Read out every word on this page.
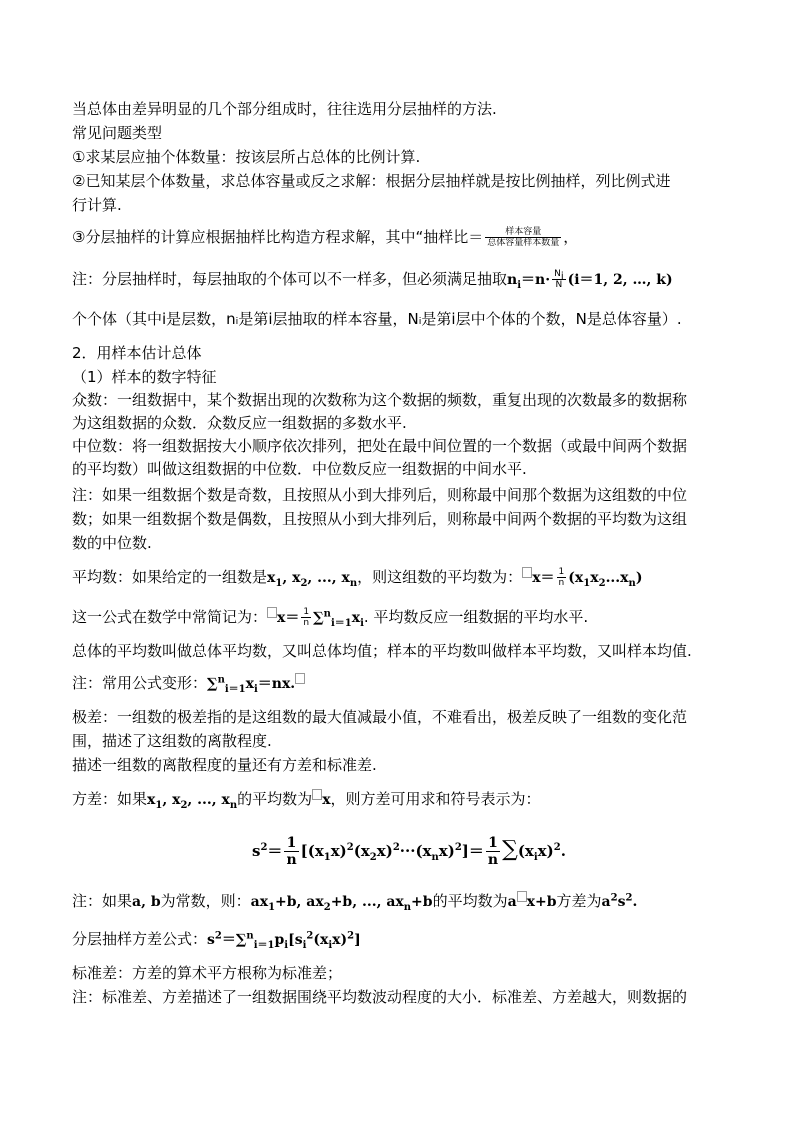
当总体由差异明显的几个部分组成时，往往选用分层抽样的方法.
常见问题类型
①求某层应抽个体数量：按该层所占总体的比例计算.
②已知某层个体数量，求总体容量或反之求解：根据分层抽样就是按比例抽样，列比例式进
行计算.
③分层抽样的计算应根据抽样比构造方程求解，其中“抽样比＝ $\frac{\text{样本容量}}{\text{总体容量样本数量}}$ ，
注：分层抽样时，每层抽取的个体可以不一样多，但必须满足抽取$n_i=n\cdot \frac{N_i}{N} (i=1$, 2, …, k)
个个体（其中i是层数，nᵢ是第i层抽取的样本容量，Nᵢ是第i层中个体的个数，N是总体容量）.
2．用样本估计总体
（1）样本的数字特征
众数：一组数据中，某个数据出现的次数称为这个数据的频数，重复出现的次数最多的数据称
为这组数据的众数．众数反应一组数据的多数水平.
中位数：将一组数据按大小顺序依次排列，把处在最中间位置的一个数据（或最中间两个数据
的平均数）叫做这组数据的中位数．中位数反应一组数据的中间水平.
注：如果一组数据个数是奇数，且按照从小到大排列后，则称最中间那个数据为这组数的中位
数；如果一组数据个数是偶数，且按照从小到大排列后，则称最中间两个数据的平均数为这组
数的中位数.
平均数：如果给定的一组数是$x_1$, $x_2$, ..., $x_n$，则这组数的平均数为： $x= \frac{1}{n} (x_1x_2...x_n)$
这一公式在数学中常简记为： $x= \frac{1}{n} \sum^n_{i=1}x_i$. 平均数反应一组数据的平均水平.
总体的平均数叫做总体平均数，又叫总体均值；样本的平均数叫做样本平均数，又叫样本均值.
注：常用公式变形：$\sum^n_{i=1}x_i=nx$.
极差：一组数的极差指的是这组数的最大值减最小值，不难看出，极差反映了一组数的变化范
围，描述了这组数的离散程度.
描述一组数的离散程度的量还有方差和标准差.
方差：如果$x_1$, $x_2$, ..., $x_n$的平均数为 x，则方差可用求和符号表示为：
$s^2= \frac{1}{n} [(x_1x)^2(x_2x)^2\cdot\cdot\cdot(x_nx)^2]= \frac{1}{n} \sum(x_ix)^2$.
注：如果a, b为常数，则：$ax_1+b$, $ax_2+b$, ..., $ax_n+b$的平均数为a x+b方差为$a^2s^2$.
分层抽样方差公式：$s^2=\sum^n_{i=1}p_i[s_i^2(x_ix)^2]$
标准差：方差的算术平方根称为标准差；
注：标准差、方差描述了一组数据围绕平均数波动程度的大小．标准差、方差越大，则数据的
